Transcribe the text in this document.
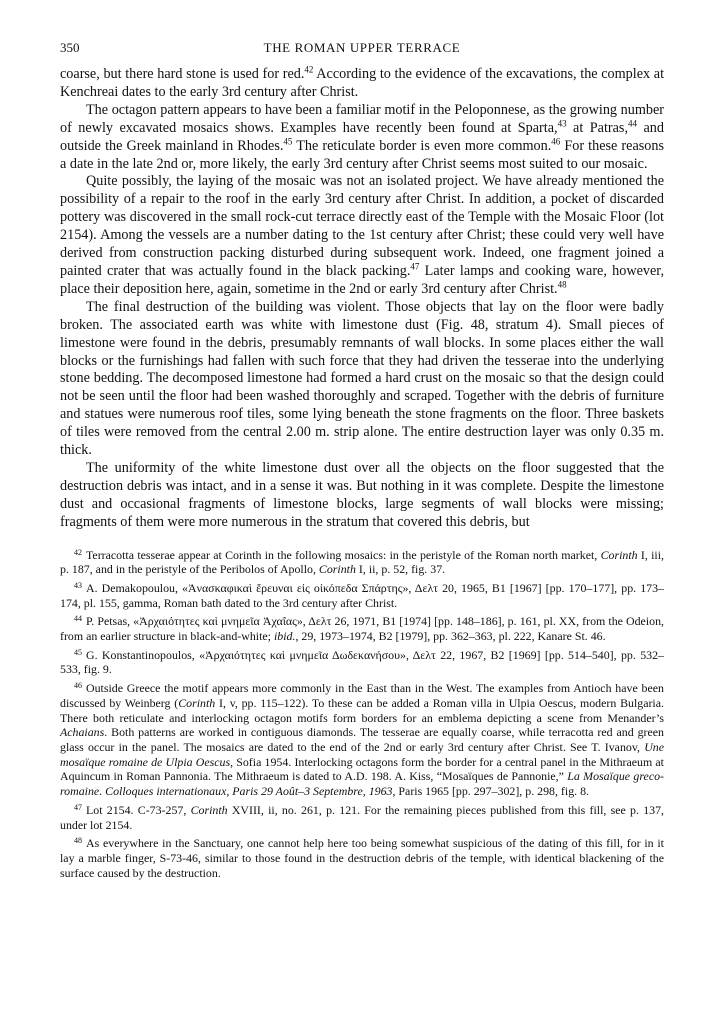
350	THE ROMAN UPPER TERRACE

coarse, but there hard stone is used for red.$^{42}$ According to the evidence of the excavations, the complex at Kenchreai dates to the early 3rd century after Christ.

The octagon pattern appears to have been a familiar motif in the Peloponnese, as the growing number of newly excavated mosaics shows. Examples have recently been found at Sparta,$^{43}$ at Patras,$^{44}$ and outside the Greek mainland in Rhodes.$^{45}$ The reticulate border is even more common.$^{46}$ For these reasons a date in the late 2nd or, more likely, the early 3rd century after Christ seems most suited to our mosaic.

Quite possibly, the laying of the mosaic was not an isolated project. We have already mentioned the possibility of a repair to the roof in the early 3rd century after Christ. In addition, a pocket of discarded pottery was discovered in the small rock-cut terrace directly east of the Temple with the Mosaic Floor (lot 2154). Among the vessels are a number dating to the 1st century after Christ; these could very well have derived from construction packing disturbed during subsequent work. Indeed, one fragment joined a painted crater that was actually found in the black packing.$^{47}$ Later lamps and cooking ware, however, place their deposition here, again, sometime in the 2nd or early 3rd century after Christ.$^{48}$

The final destruction of the building was violent. Those objects that lay on the floor were badly broken. The associated earth was white with limestone dust (Fig. 48, stratum 4). Small pieces of limestone were found in the debris, presumably remnants of wall blocks. In some places either the wall blocks or the furnishings had fallen with such force that they had driven the tesserae into the underlying stone bedding. The decomposed limestone had formed a hard crust on the mosaic so that the design could not be seen until the floor had been washed thoroughly and scraped. Together with the debris of furniture and statues were numerous roof tiles, some lying beneath the stone fragments on the floor. Three baskets of tiles were removed from the central 2.00 m. strip alone. The entire destruction layer was only 0.35 m. thick.

The uniformity of the white limestone dust over all the objects on the floor suggested that the destruction debris was intact, and in a sense it was. But nothing in it was complete. Despite the limestone dust and occasional fragments of limestone blocks, large segments of wall blocks were missing; fragments of them were more numerous in the stratum that covered this debris, but

$^{42}$ Terracotta tesserae appear at Corinth in the following mosaics: in the peristyle of the Roman north market, Corinth I, iii, p. 187, and in the peristyle of the Peribolos of Apollo, Corinth I, ii, p. 52, fig. 37.

$^{43}$ A. Demakopoulou, «Ἀνασκαφικαὶ ἔρευναι εἰς οἰκόπεδα Σπάρτης», Δελτ 20, 1965, B1 [1967] [pp. 170–177], pp. 173–174, pl. 155, gamma, Roman bath dated to the 3rd century after Christ.

$^{44}$ P. Petsas, «Ἀρχαιότητες καὶ μνημεῖα Ἀχαΐας», Δελτ 26, 1971, B1 [1974] [pp. 148–186], p. 161, pl. XX, from the Odeion, from an earlier structure in black-and-white; ibid., 29, 1973–1974, B2 [1979], pp. 362–363, pl. 222, Kanare St. 46.

$^{45}$ G. Konstantinopoulos, «Ἀρχαιότητες καὶ μνημεῖα Δωδεκανήσου», Δελτ 22, 1967, B2 [1969] [pp. 514–540], pp. 532–533, fig. 9.

$^{46}$ Outside Greece the motif appears more commonly in the East than in the West. The examples from Antioch have been discussed by Weinberg (Corinth I, v, pp. 115–122). To these can be added a Roman villa in Ulpia Oescus, modern Bulgaria. There both reticulate and interlocking octagon motifs form borders for an emblema depicting a scene from Menander’s Achaians. Both patterns are worked in contiguous diamonds. The tesserae are equally coarse, while terracotta red and green glass occur in the panel. The mosaics are dated to the end of the 2nd or early 3rd century after Christ. See T. Ivanov, Une mosaïque romaine de Ulpia Oescus, Sofia 1954. Interlocking octagons form the border for a central panel in the Mithraeum at Aquincum in Roman Pannonia. The Mithraeum is dated to A.D. 198. A. Kiss, “Mosaïques de Pannonie,” La Mosaïque greco-romaine. Colloques internationaux, Paris 29 Août–3 Septembre, 1963, Paris 1965 [pp. 297–302], p. 298, fig. 8.

$^{47}$ Lot 2154. C-73-257, Corinth XVIII, ii, no. 261, p. 121. For the remaining pieces published from this fill, see p. 137, under lot 2154.

$^{48}$ As everywhere in the Sanctuary, one cannot help here too being somewhat suspicious of the dating of this fill, for in it lay a marble finger, S-73-46, similar to those found in the destruction debris of the temple, with identical blackening of the surface caused by the destruction.
